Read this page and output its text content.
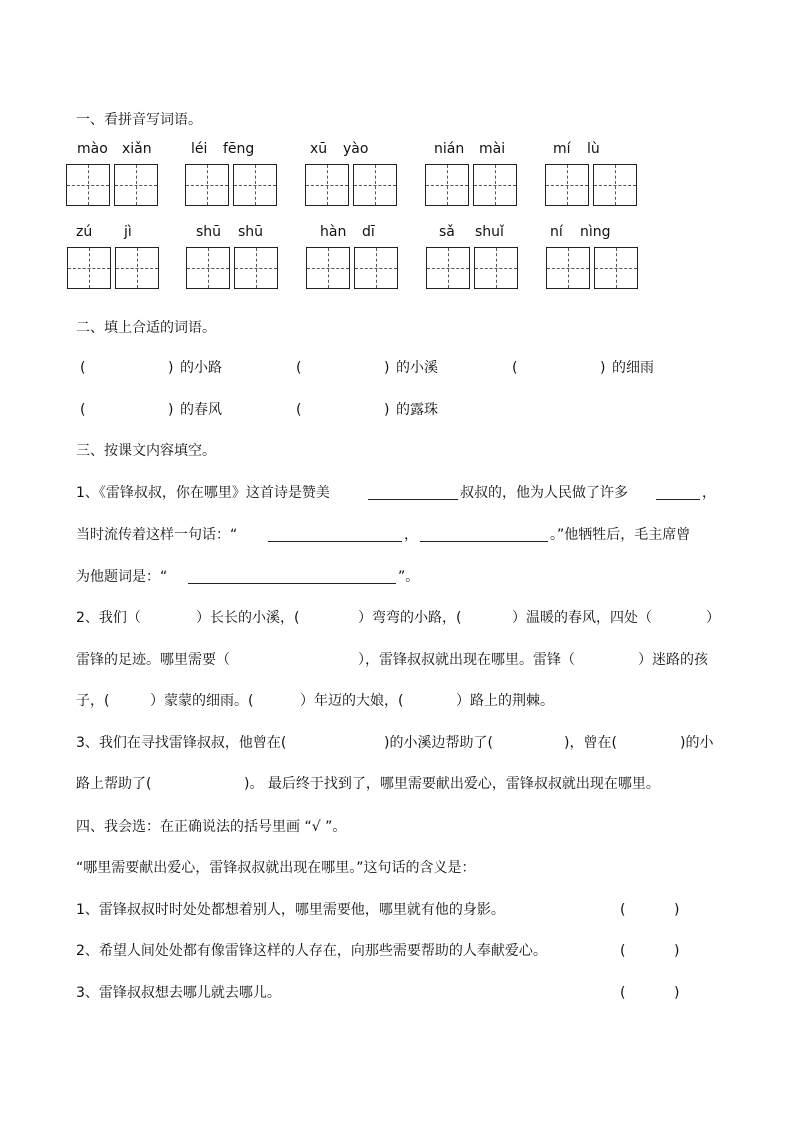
一、看拼音写词语。
mào xiǎn	léi fēng	xū yào	nián mài	mí lù
zú jì	shū shū	hàn dī	sǎ shuǐ	ní nìng
二、填上合适的词语。
(	) 的小路	(	) 的小溪	(	) 的细雨
(	) 的春风	(	) 的露珠
三、按课文内容填空。
1、《雷锋叔叔，你在哪里》这首诗是赞美	叔叔的，他为人民做了许多	，
当时流传着这样一句话：“	，	。”他牺牲后，毛主席曾
为他题词是：“	”。
2、我们（	）长长的小溪，(	）弯弯的小路，(	）温暖的春风，四处（	）
雷锋的足迹。哪里需要（	），雷锋叔叔就出现在哪里。雷锋（	）迷路的孩
子，(	）蒙蒙的细雨。(	）年迈的大娘，(	）路上的荆棘。
3、我们在寻找雷锋叔叔，他曾在(	)的小溪边帮助了(	)，曾在(	)的小
路上帮助了(	)。 最后终于找到了，哪里需要献出爱心，雷锋叔叔就出现在哪里。
四、我会选：在正确说法的括号里画 “√ ”。
“哪里需要献出爱心，雷锋叔叔就出现在哪里。”这句话的含义是：
1、雷锋叔叔时时处处都想着别人，哪里需要他，哪里就有他的身影。	(	)
2、希望人间处处都有像雷锋这样的人存在，向那些需要帮助的人奉献爱心。	(	)
3、雷锋叔叔想去哪儿就去哪儿。	(	)
